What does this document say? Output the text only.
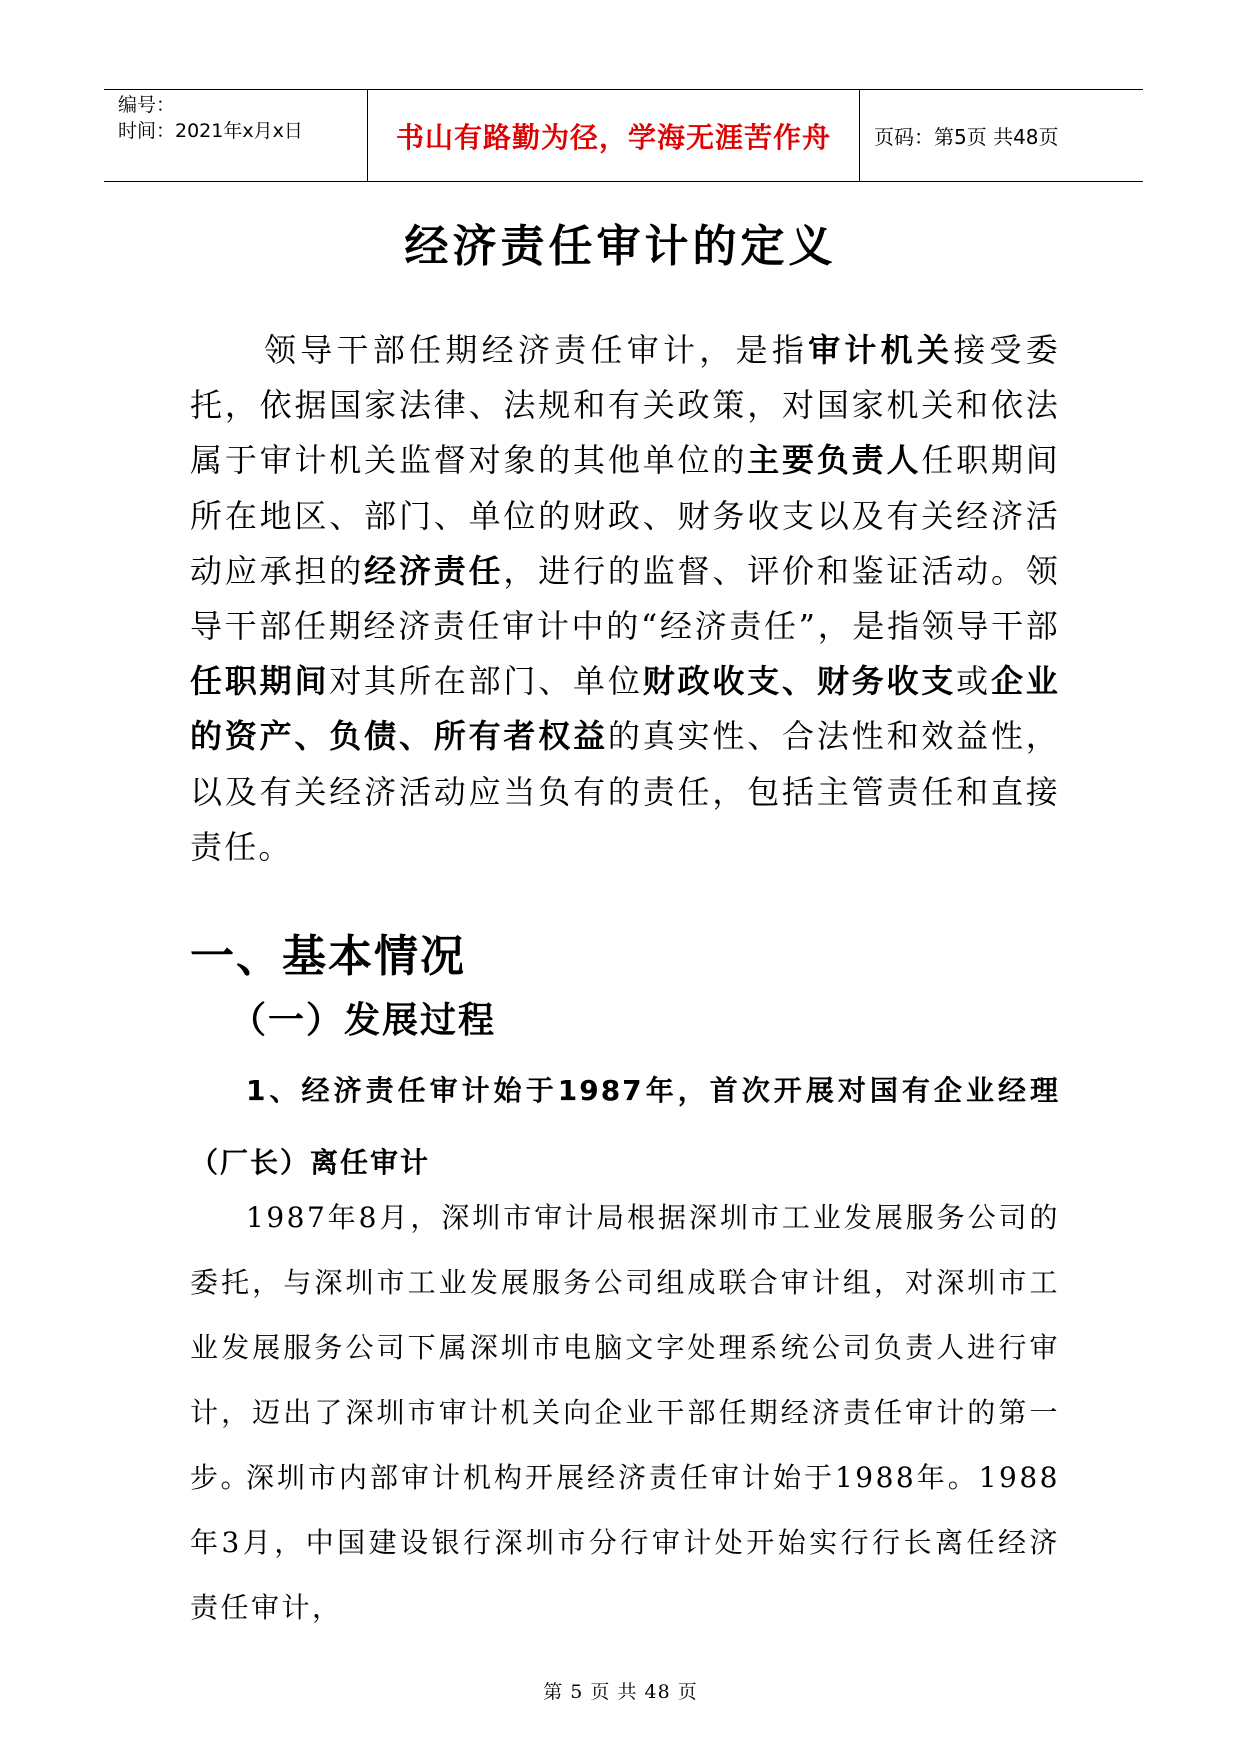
编号：
时间：2021年x月x日	书山有路勤为径，学海无涯苦作舟 页码：第5页 共48页
经济责任审计的定义

领导干部任期经济责任审计，是指审计机关接受委托，依据国家法律、法规和有关政策，对国家机关和依法属于审计机关监督对象的其他单位的主要负责人任职期间所在地区、部门、单位的财政、财务收支以及有关经济活动应承担的经济责任，进行的监督、评价和鉴证活动。领导干部任期经济责任审计中的“经济责任”，是指领导干部任职期间对其所在部门、单位财政收支、财务收支或企业的资产、负债、所有者权益的真实性、合法性和效益性，以及有关经济活动应当负有的责任，包括主管责任和直接责任。

一、基本情况
（一）发展过程

1、经济责任审计始于1987年，首次开展对国有企业经理（厂长）离任审计

1987年8月，深圳市审计局根据深圳市工业发展服务公司的委托，与深圳市工业发展服务公司组成联合审计组，对深圳市工业发展服务公司下属深圳市电脑文字处理系统公司负责人进行审计，迈出了深圳市审计机关向企业干部任期经济责任审计的第一步。

深圳市内部审计机构开展经济责任审计始于1988年。1988年3月，中国建设银行深圳市分行审计处开始实行行长离任经济责任审计，

第 5 页 共 48 页
